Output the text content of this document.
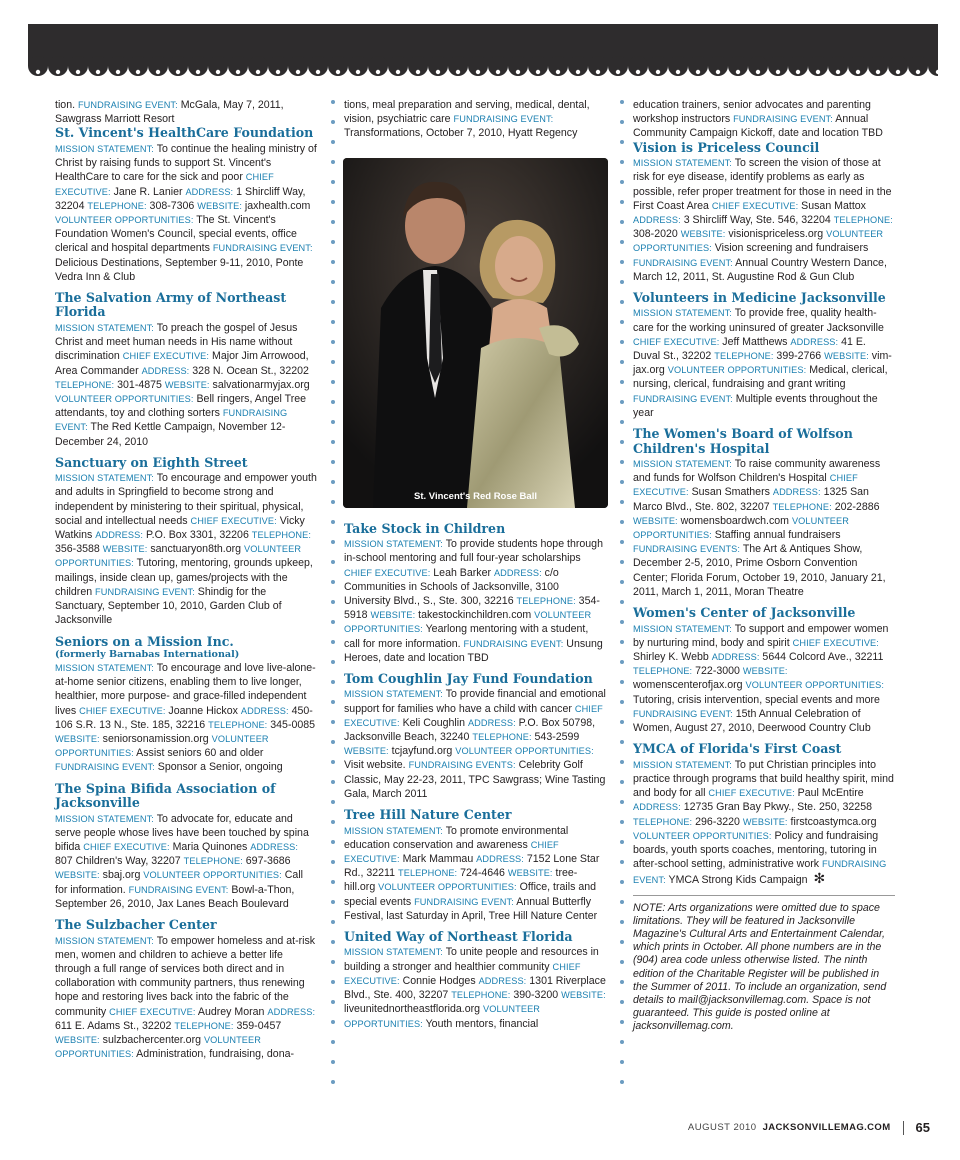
tion. FUNDRAISING EVENT: McGala, May 7, 2011, Sawgrass Marriott Resort

St. Vincent's HealthCare Foundation

MISSION STATEMENT: To continue the healing ministry of Christ by raising funds to support St. Vincent's HealthCare to care for the sick and poor CHIEF EXECUTIVE: Jane R. Lanier ADDRESS: 1 Shircliff Way, 32204 TELEPHONE: 308-7306 WEBSITE: jaxhealth.com VOLUNTEER OPPORTUNITIES: The St. Vincent's Foundation Women's Council, special events, office clerical and hospital departments FUNDRAISING EVENT: Delicious Destinations, September 9-11, 2010, Ponte Vedra Inn & Club

The Salvation Army of Northeast Florida

MISSION STATEMENT: To preach the gospel of Jesus Christ and meet human needs in His name without discrimination CHIEF EXECUTIVE: Major Jim Arrowood, Area Commander ADDRESS: 328 N. Ocean St., 32202 TELEPHONE: 301-4875 WEBSITE: salvationarmyjax.org VOLUNTEER OPPORTUNITIES: Bell ringers, Angel Tree attendants, toy and clothing sorters FUNDRAISING EVENT: The Red Kettle Campaign, November 12-December 24, 2010

Sanctuary on Eighth Street

MISSION STATEMENT: To encourage and empower youth and adults in Springfield to become strong and independent by ministering to their spiritual, physical, social and intellectual needs CHIEF EXECUTIVE: Vicky Watkins ADDRESS: P.O. Box 3301, 32206 TELEPHONE: 356-3588 WEBSITE: sanctuaryon8th.org VOLUNTEER OPPORTUNITIES: Tutoring, mentoring, grounds upkeep, mailings, inside clean up, games/projects with the children FUNDRAISING EVENT: Shindig for the Sanctuary, September 10, 2010, Garden Club of Jacksonville

Seniors on a Mission Inc.
(formerly Barnabas International)

MISSION STATEMENT: To encourage and love live-alone-at-home senior citizens, enabling them to live longer, healthier, more purpose- and grace-filled independent lives CHIEF EXECUTIVE: Joanne Hickox ADDRESS: 450-106 S.R. 13 N., Ste. 185, 32216 TELEPHONE: 345-0085 WEBSITE: seniorsonamission.org VOLUNTEER OPPORTUNITIES: Assist seniors 60 and older FUNDRAISING EVENT: Sponsor a Senior, ongoing

The Spina Bifida Association of Jacksonville

MISSION STATEMENT: To advocate for, educate and serve people whose lives have been touched by spina bifida CHIEF EXECUTIVE: Maria Quinones ADDRESS: 807 Children's Way, 32207 TELEPHONE: 697-3686 WEBSITE: sbaj.org VOLUNTEER OPPORTUNITIES: Call for information. FUNDRAISING EVENT: Bowl-a-Thon, September 26, 2010, Jax Lanes Beach Boulevard

The Sulzbacher Center

MISSION STATEMENT: To empower homeless and at-risk men, women and children to achieve a better life through a full range of services both direct and in collaboration with community partners, thus renewing hope and restoring lives back into the fabric of the community CHIEF EXECUTIVE: Audrey Moran ADDRESS: 611 E. Adams St., 32202 TELEPHONE: 359-0457 WEBSITE: sulzbachercenter.org VOLUNTEER OPPORTUNITIES: Administration, fundraising, dona-

tions, meal preparation and serving, medical, dental, vision, psychiatric care FUNDRAISING EVENT: Transformations, October 7, 2010, Hyatt Regency

Take Stock in Children

MISSION STATEMENT: To provide students hope through in-school mentoring and full four-year scholarships CHIEF EXECUTIVE: Leah Barker ADDRESS: c/o Communities in Schools of Jacksonville, 3100 University Blvd., S., Ste. 300, 32216 TELEPHONE: 354-5918 WEBSITE: takestockinchildren.com VOLUNTEER OPPORTUNITIES: Yearlong mentoring with a student, call for more information. FUNDRAISING EVENT: Unsung Heroes, date and location TBD

Tom Coughlin Jay Fund Foundation

MISSION STATEMENT: To provide financial and emotional support for families who have a child with cancer CHIEF EXECUTIVE: Keli Coughlin ADDRESS: P.O. Box 50798, Jacksonville Beach, 32240 TELEPHONE: 543-2599 WEBSITE: tcjayfund.org VOLUNTEER OPPORTUNITIES: Visit website. FUNDRAISING EVENTS: Celebrity Golf Classic, May 22-23, 2011, TPC Sawgrass; Wine Tasting Gala, March 2011

Tree Hill Nature Center

MISSION STATEMENT: To promote environmental education conservation and awareness CHIEF EXECUTIVE: Mark Mammau ADDRESS: 7152 Lone Star Rd., 32211 TELEPHONE: 724-4646 WEBSITE: tree-hill.org VOLUNTEER OPPORTUNITIES: Office, trails and special events FUNDRAISING EVENT: Annual Butterfly Festival, last Saturday in April, Tree Hill Nature Center

United Way of Northeast Florida

MISSION STATEMENT: To unite people and resources in building a stronger and healthier community CHIEF EXECUTIVE: Connie Hodges ADDRESS: 1301 Riverplace Blvd., Ste. 400, 32207 TELEPHONE: 390-3200 WEBSITE: liveunitednortheastflorida.org VOLUNTEER OPPORTUNITIES: Youth mentors, financial

St. Vincent's Red Rose Ball

education trainers, senior advocates and parenting workshop instructors FUNDRAISING EVENT: Annual Community Campaign Kickoff, date and location TBD

Vision is Priceless Council

MISSION STATEMENT: To screen the vision of those at risk for eye disease, identify problems as early as possible, refer proper treatment for those in need in the First Coast Area CHIEF EXECUTIVE: Susan Mattox ADDRESS: 3 Shircliff Way, Ste. 546, 32204 TELEPHONE: 308-2020 WEBSITE: visionispriceless.org VOLUNTEER OPPORTUNITIES: Vision screening and fundraisers FUNDRAISING EVENT: Annual Country Western Dance, March 12, 2011, St. Augustine Rod & Gun Club

Volunteers in Medicine Jacksonville

MISSION STATEMENT: To provide free, quality health-care for the working uninsured of greater Jacksonville CHIEF EXECUTIVE: Jeff Matthews ADDRESS: 41 E. Duval St., 32202 TELEPHONE: 399-2766 WEBSITE: vim-jax.org VOLUNTEER OPPORTUNITIES: Medical, clerical, nursing, clerical, fundraising and grant writing FUNDRAISING EVENT: Multiple events throughout the year

The Women's Board of Wolfson Children's Hospital

MISSION STATEMENT: To raise community awareness and funds for Wolfson Children's Hospital CHIEF EXECUTIVE: Susan Smathers ADDRESS: 1325 San Marco Blvd., Ste. 802, 32207 TELEPHONE: 202-2886 WEBSITE: womensboardwch.com VOLUNTEER OPPORTUNITIES: Staffing annual fundraisers FUNDRAISING EVENTS: The Art & Antiques Show, December 2-5, 2010, Prime Osborn Convention Center; Florida Forum, October 19, 2010, January 21, 2011, March 1, 2011, Moran Theatre

Women's Center of Jacksonville

MISSION STATEMENT: To support and empower women by nurturing mind, body and spirit CHIEF EXECUTIVE: Shirley K. Webb ADDRESS: 5644 Colcord Ave., 32211 TELEPHONE: 722-3000 WEBSITE: womenscenterofjax.org VOLUNTEER OPPORTUNITIES: Tutoring, crisis intervention, special events and more FUNDRAISING EVENT: 15th Annual Celebration of Women, August 27, 2010, Deerwood Country Club

YMCA of Florida's First Coast

MISSION STATEMENT: To put Christian principles into practice through programs that build healthy spirit, mind and body for all CHIEF EXECUTIVE: Paul McEntire ADDRESS: 12735 Gran Bay Pkwy., Ste. 250, 32258 TELEPHONE: 296-3220 WEBSITE: firstcoastymca.org VOLUNTEER OPPORTUNITIES: Policy and fundraising boards, youth sports coaches, mentoring, tutoring in after-school setting, administrative work FUNDRAISING EVENT: YMCA Strong Kids Campaign ✻

NOTE: Arts organizations were omitted due to space limitations. They will be featured in Jacksonville Magazine's Cultural Arts and Entertainment Calendar, which prints in October. All phone numbers are in the (904) area code unless otherwise listed. The ninth edition of the Charitable Register will be published in the Summer of 2011. To include an organization, send details to mail@jacksonvillemag.com. Space is not guaranteed. This guide is posted online at jacksonvillemag.com.

AUGUST 2010 JACKSONVILLEMAG.COM 65
